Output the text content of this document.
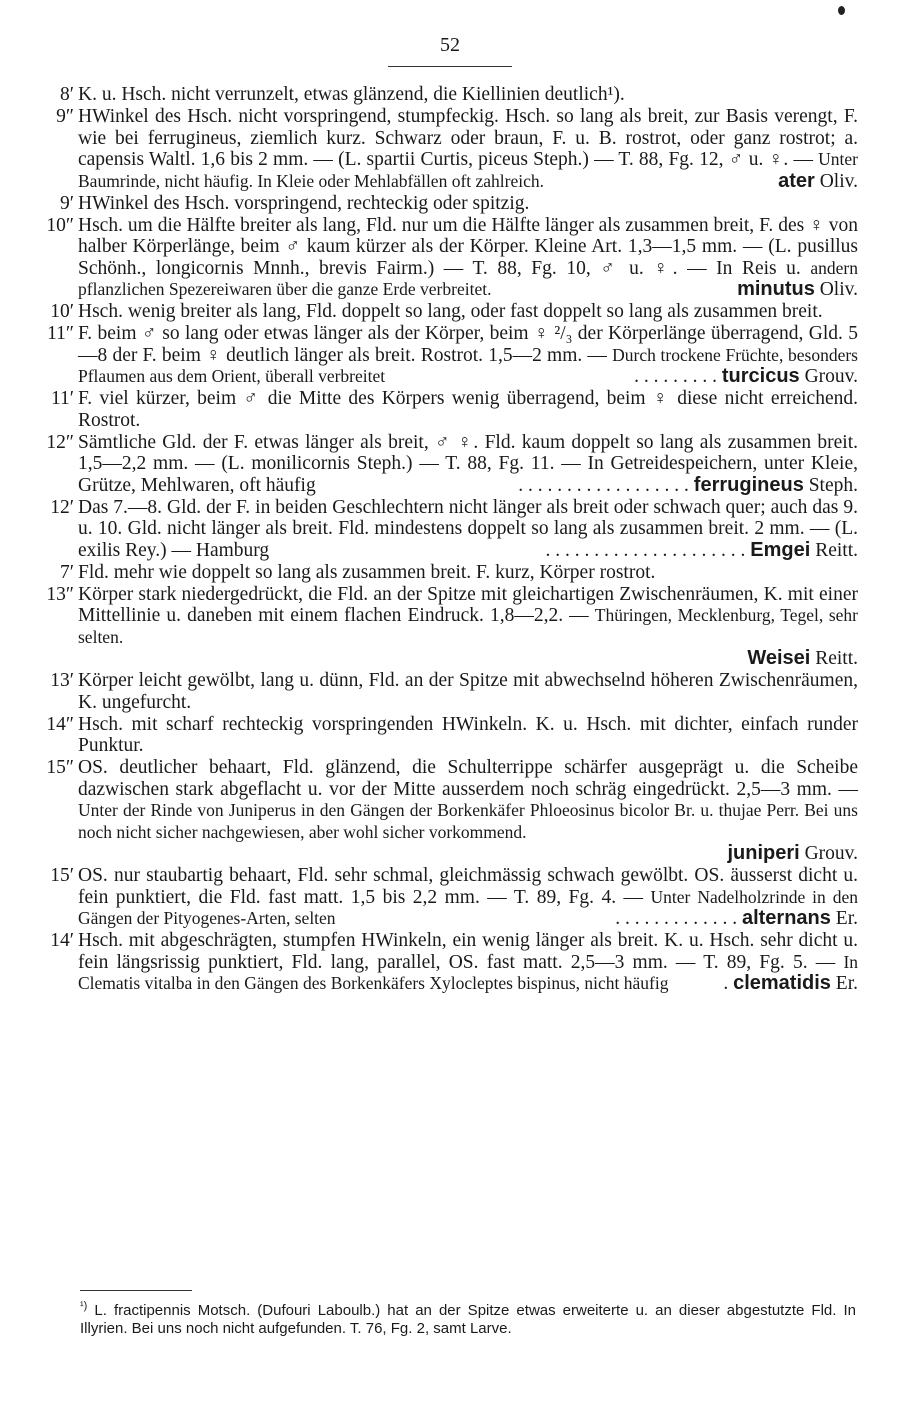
52
8′ K. u. Hsch. nicht verrunzelt, etwas glänzend, die Kiellinien deutlich¹).
9″ HWinkel des Hsch. nicht vorspringend, stumpfeckig. Hsch. so lang als breit, zur Basis verengt, F. wie bei ferrugineus, ziemlich kurz. Schwarz oder braun, F. u. B. rostrot, oder ganz rostrot; a. capensis Waltl. 1,6 bis 2 mm. — (L. spartii Curtis, piceus Steph.) — T. 88, Fg. 12, ♂ u. ♀. — Unter Baumrinde, nicht häufig. In Kleie oder Mehlabfällen oft zahlreich.	ater Oliv.
9′ HWinkel des Hsch. vorspringend, rechteckig oder spitzig.
10″ Hsch. um die Hälfte breiter als lang, Fld. nur um die Hälfte länger als zusammen breit, F. des ♀ von halber Körperlänge, beim ♂ kaum kürzer als der Körper. Kleine Art. 1,3—1,5 mm. — (L. pusillus Schönh., longicornis Mnnh., brevis Fairm.) — T. 88, Fg. 10, ♂ u. ♀. — In Reis u. andern pflanzlichen Spezereiwaren über die ganze Erde verbreitet.	minutus Oliv.
10′ Hsch. wenig breiter als lang, Fld. doppelt so lang, oder fast doppelt so lang als zusammen breit.
11″ F. beim ♂ so lang oder etwas länger als der Körper, beim ♀ ²/₃ der Körperlänge überragend, Gld. 5—8 der F. beim ♀ deutlich länger als breit. Rostrot. 1,5—2 mm. — Durch trockene Früchte, besonders Pflaumen aus dem Orient, überall verbreitet	. . . . . . . . . turcicus Grouv.
11′ F. viel kürzer, beim ♂ die Mitte des Körpers wenig überragend, beim ♀ diese nicht erreichend. Rostrot.
12″ Sämtliche Gld. der F. etwas länger als breit, ♂ ♀. Fld. kaum doppelt so lang als zusammen breit. 1,5—2,2 mm. — (L. monilicornis Steph.) — T. 88, Fg. 11. — In Getreidespeichern, unter Kleie, Grütze, Mehlwaren, oft häufig	. . . . . . . . . . . . . . . . . . ferrugineus Steph.
12′ Das 7.—8. Gld. der F. in beiden Geschlechtern nicht länger als breit oder schwach quer; auch das 9. u. 10. Gld. nicht länger als breit. Fld. mindestens doppelt so lang als zusammen breit. 2 mm. — (L. exilis Rey.) — Hamburg	. . . . . . . . . . . . . . . . . . . . . Emgei Reitt.
7′ Fld. mehr wie doppelt so lang als zusammen breit. F. kurz, Körper rostrot.
13″ Körper stark niedergedrückt, die Fld. an der Spitze mit gleichartigen Zwischenräumen, K. mit einer Mittellinie u. daneben mit einem flachen Eindruck. 1,8—2,2. — Thüringen, Mecklenburg, Tegel, sehr selten.
Weisei Reitt.
13′ Körper leicht gewölbt, lang u. dünn, Fld. an der Spitze mit abwechselnd höheren Zwischenräumen, K. ungefurcht.
14″ Hsch. mit scharf rechteckig vorspringenden HWinkeln. K. u. Hsch. mit dichter, einfach runder Punktur.
15″ OS. deutlicher behaart, Fld. glänzend, die Schulterrippe schärfer ausgeprägt u. die Scheibe dazwischen stark abgeflacht u. vor der Mitte ausserdem noch schräg eingedrückt. 2,5—3 mm. — Unter der Rinde von Juniperus in den Gängen der Borkenkäfer Phloeosinus bicolor Br. u. thujae Perr. Bei uns noch nicht sicher nachgewiesen, aber wohl sicher vorkommend.
juniperi Grouv.
15′ OS. nur staubartig behaart, Fld. sehr schmal, gleichmässig schwach gewölbt. OS. äusserst dicht u. fein punktiert, die Fld. fast matt. 1,5 bis 2,2 mm. — T. 89, Fg. 4. — Unter Nadelholzrinde in den Gängen der Pityogenes-Arten, selten	. . . . . . . . . . . . . alternans Er.
14′ Hsch. mit abgeschrägten, stumpfen HWinkeln, ein wenig länger als breit. K. u. Hsch. sehr dicht u. fein längsrissig punktiert, Fld. lang, parallel, OS. fast matt. 2,5—3 mm. — T. 89, Fg. 5. — In Clematis vitalba in den Gängen des Borkenkäfers Xylocleptes bispinus, nicht häufig	. clematidis Er.
$^{^1)}$ L. fractipennis Motsch. (Dufouri Laboulb.) hat an der Spitze etwas erweiterte u. an dieser abgestutzte Fld. In Illyrien. Bei uns noch nicht aufgefunden. T. 76, Fg. 2, samt Larve.
